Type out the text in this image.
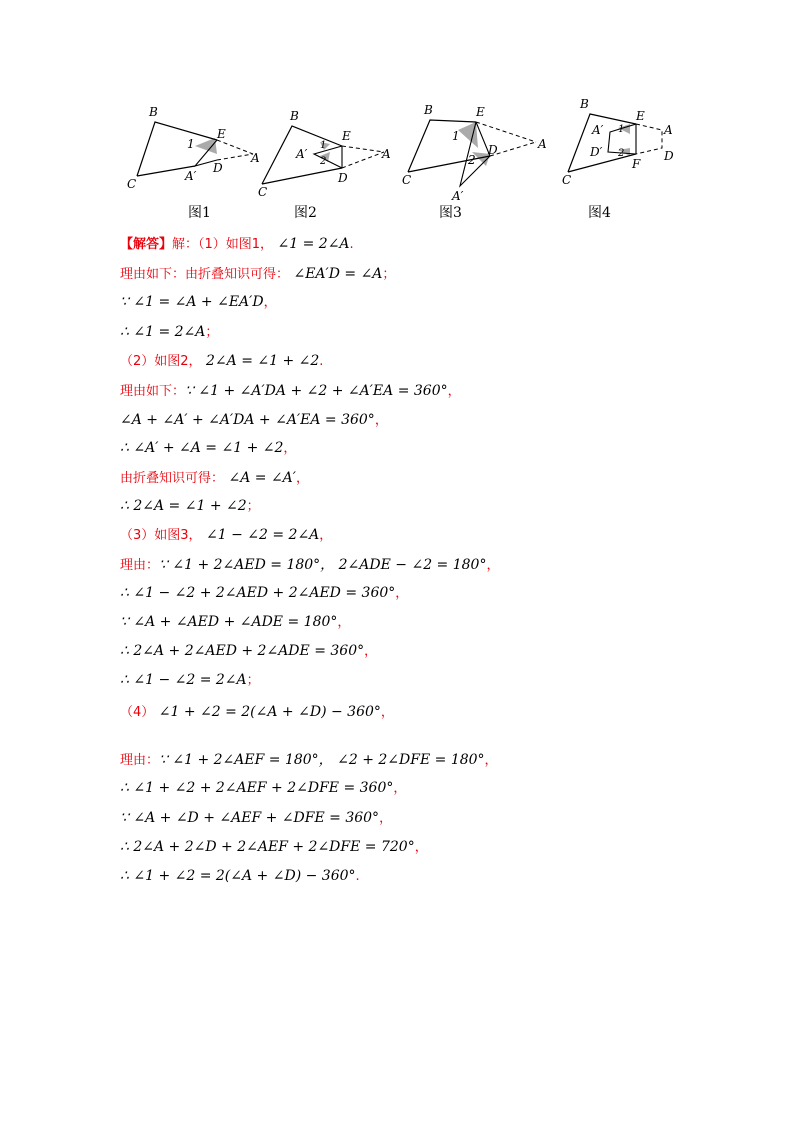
B
C
E
D
A
A′
1
图1
B
C
E
D
A
A′
1
2
图2
B
C
E
D	A
A′
1
2
图3
B
C
E
F
A
D
A′
D′
1
2
图4
【解答】解：（1）如图1， ∠1 = 2∠A.
理由如下：由折叠知识可得： ∠EA′D = ∠A；
∵ ∠1 = ∠A + ∠EA′D，
∴ ∠1 = 2∠A；
（2）如图2， 2∠A = ∠1 + ∠2.
理由如下：∵ ∠1 + ∠A′DA + ∠2 + ∠A′EA = 360°，
∠A + ∠A′ + ∠A′DA + ∠A′EA = 360°，
∴ ∠A′ + ∠A = ∠1 + ∠2，
由折叠知识可得： ∠A = ∠A′，
∴ 2∠A = ∠1 + ∠2；
（3）如图3， ∠1 − ∠2 = 2∠A，
理由：∵ ∠1 + 2∠AED = 180°， 2∠ADE − ∠2 = 180°，
∴ ∠1 − ∠2 + 2∠AED + 2∠AED = 360°，
∵ ∠A + ∠AED + ∠ADE = 180°，
∴ 2∠A + 2∠AED + 2∠ADE = 360°，
∴ ∠1 − ∠2 = 2∠A；
（4） ∠1 + ∠2 = 2(∠A + ∠D) − 360°，
理由：∵ ∠1 + 2∠AEF = 180°， ∠2 + 2∠DFE = 180°，
∴ ∠1 + ∠2 + 2∠AEF + 2∠DFE = 360°，
∵ ∠A + ∠D + ∠AEF + ∠DFE = 360°，
∴ 2∠A + 2∠D + 2∠AEF + 2∠DFE = 720°，
∴ ∠1 + ∠2 = 2(∠A + ∠D) − 360°.
